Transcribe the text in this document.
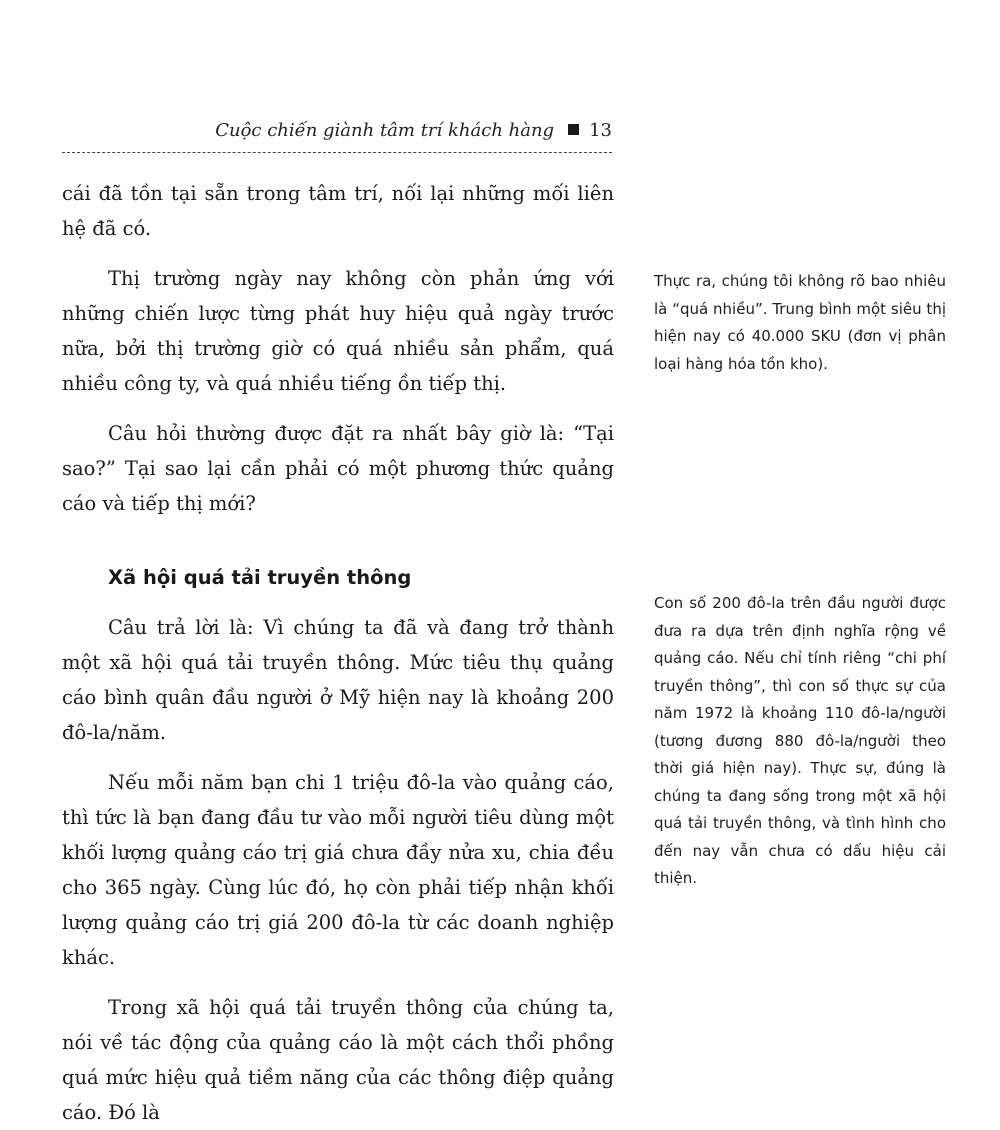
Cuộc chiến giành tâm trí khách hàng 13

cái đã tồn tại sẵn trong tâm trí, nối lại những mối liên hệ đã có.

Thị trường ngày nay không còn phản ứng với những chiến lược từng phát huy hiệu quả ngày trước nữa, bởi thị trường giờ có quá nhiều sản phẩm, quá nhiều công ty, và quá nhiều tiếng ồn tiếp thị.

Câu hỏi thường được đặt ra nhất bây giờ là: “Tại sao?” Tại sao lại cần phải có một phương thức quảng cáo và tiếp thị mới?

Xã hội quá tải truyền thông

Câu trả lời là: Vì chúng ta đã và đang trở thành một xã hội quá tải truyền thông. Mức tiêu thụ quảng cáo bình quân đầu người ở Mỹ hiện nay là khoảng 200 đô-la/năm.

Nếu mỗi năm bạn chi 1 triệu đô-la vào quảng cáo, thì tức là bạn đang đầu tư vào mỗi người tiêu dùng một khối lượng quảng cáo trị giá chưa đầy nửa xu, chia đều cho 365 ngày. Cùng lúc đó, họ còn phải tiếp nhận khối lượng quảng cáo trị giá 200 đô-la từ các doanh nghiệp khác.

Trong xã hội quá tải truyền thông của chúng ta, nói về tác động của quảng cáo là một cách thổi phồng quá mức hiệu quả tiềm năng của các thông điệp quảng cáo. Đó là

Thực ra, chúng tôi không rõ bao nhiêu là “quá nhiều”. Trung bình một siêu thị hiện nay có 40.000 SKU (đơn vị phân loại hàng hóa tồn kho).

Con số 200 đô-la trên đầu người được đưa ra dựa trên định nghĩa rộng về quảng cáo. Nếu chỉ tính riêng “chi phí truyền thông”, thì con số thực sự của năm 1972 là khoảng 110 đô-la/người (tương đương 880 đô-la/người theo thời giá hiện nay). Thực sự, đúng là chúng ta đang sống trong một xã hội quá tải truyền thông, và tình hình cho đến nay vẫn chưa có dấu hiệu cải thiện.
